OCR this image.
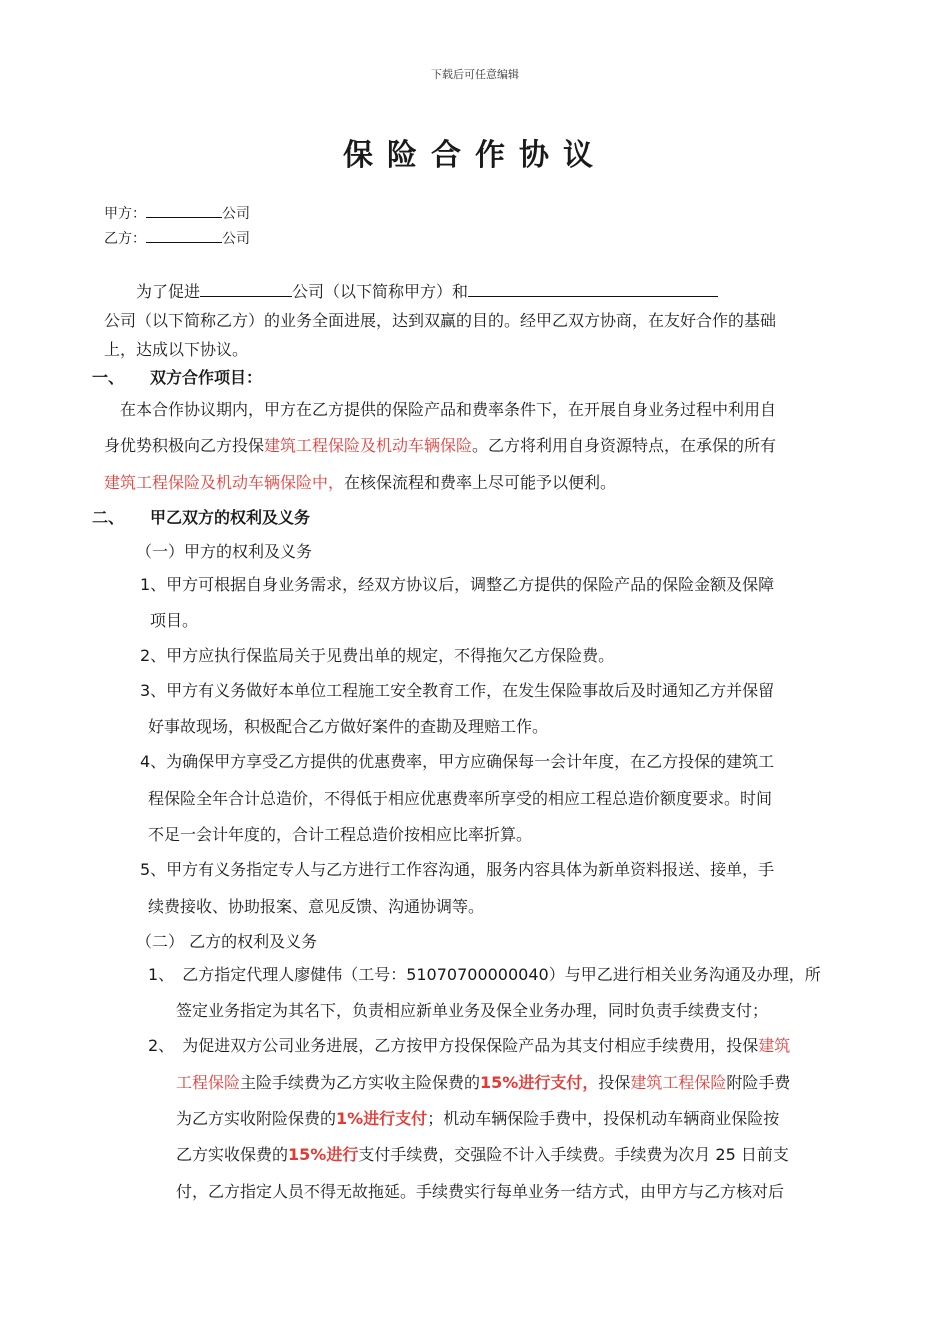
下载后可任意编辑
保险合作协议
甲方：	公司
乙方：	公司
为了促进	公司（以下简称甲方）和
公司（以下简称乙方）的业务全面进展，达到双赢的目的。经甲乙双方协商，在友好合作的基础
上，达成以下协议。
一、 双方合作项目：
在本合作协议期内，甲方在乙方提供的保险产品和费率条件下，在开展自身业务过程中利用自
身优势积极向乙方投保建筑工程保险及机动车辆保险。乙方将利用自身资源特点，在承保的所有
建筑工程保险及机动车辆保险中，在核保流程和费率上尽可能予以便利。
二、 甲乙双方的权利及义务
（一）甲方的权利及义务
1、甲方可根据自身业务需求，经双方协议后，调整乙方提供的保险产品的保险金额及保障
项目。
2、甲方应执行保监局关于见费出单的规定，不得拖欠乙方保险费。
3、甲方有义务做好本单位工程施工安全教育工作，在发生保险事故后及时通知乙方并保留
好事故现场，积极配合乙方做好案件的查勘及理赔工作。
4、为确保甲方享受乙方提供的优惠费率，甲方应确保每一会计年度，在乙方投保的建筑工
程保险全年合计总造价，不得低于相应优惠费率所享受的相应工程总造价额度要求。时间
不足一会计年度的，合计工程总造价按相应比率折算。
5、甲方有义务指定专人与乙方进行工作容沟通，服务内容具体为新单资料报送、接单，手
续费接收、协助报案、意见反馈、沟通协调等。
（二） 乙方的权利及义务
1、 乙方指定代理人廖健伟（工号：51070700000040）与甲乙进行相关业务沟通及办理，所
签定业务指定为其名下，负责相应新单业务及保全业务办理，同时负责手续费支付；
2、 为促进双方公司业务进展，乙方按甲方投保保险产品为其支付相应手续费用，投保建筑
工程保险主险手续费为乙方实收主险保费的15%进行支付，投保建筑工程保险附险手费
为乙方实收附险保费的1%进行支付；机动车辆保险手费中，投保机动车辆商业保险按
乙方实收保费的15%进行支付手续费，交强险不计入手续费。手续费为次月 25 日前支
付，乙方指定人员不得无故拖延。手续费实行每单业务一结方式，由甲方与乙方核对后
